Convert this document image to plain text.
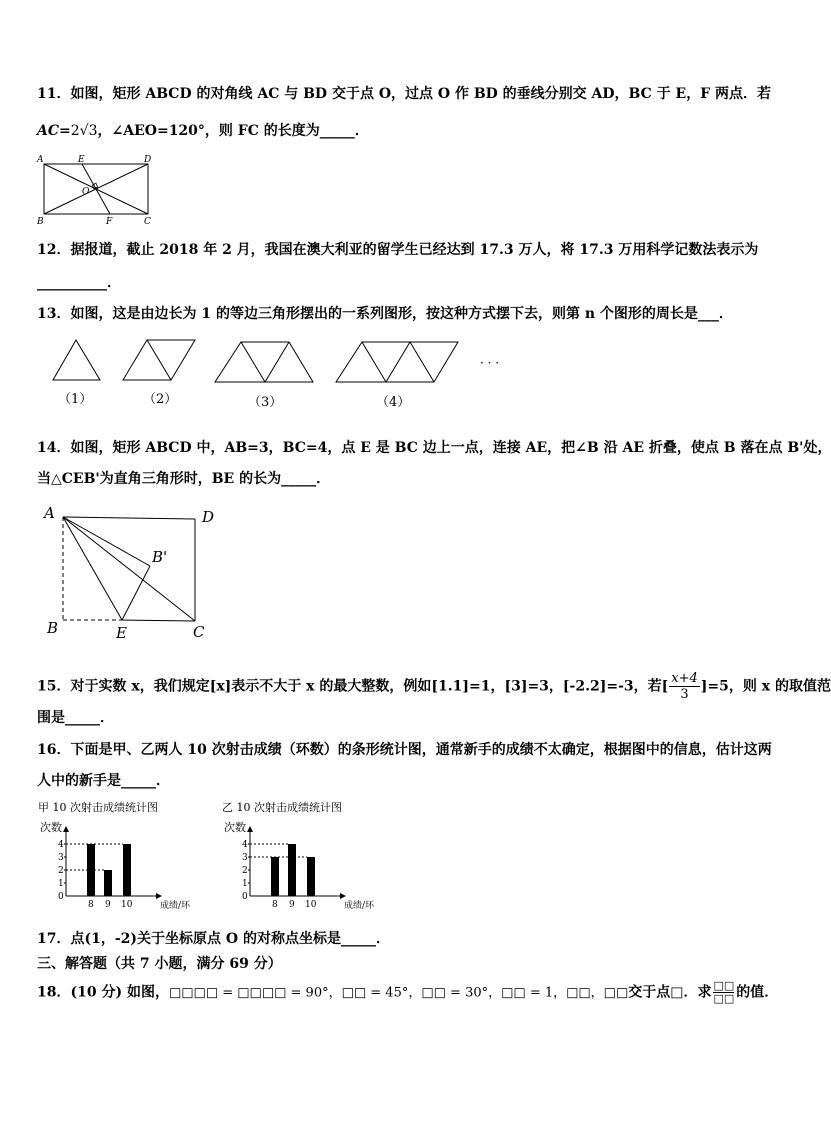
11．如图，矩形 ABCD 的对角线 AC 与 BD 交于点 O，过点 O 作 BD 的垂线分别交 AD，BC 于 E，F 两点．若
AC=2√3，∠AEO=120°，则 FC 的长度为_____．
A	E	D
O
B	F	C
12．据报道，截止 2018 年 2 月，我国在澳大利亚的留学生已经达到 17.3 万人，将 17.3 万用科学记数法表示为
__________．
13．如图，这是由边长为 1 的等边三角形摆出的一系列图形，按这种方式摆下去，则第 n 个图形的周长是___．
（1）	（2）	（3）	（4）
· · ·
14．如图，矩形 ABCD 中，AB=3，BC=4，点 E 是 BC 边上一点，连接 AE，把∠B 沿 AE 折叠，使点 B 落在点 B'处，
当△CEB'为直角三角形时，BE 的长为_____．
A	D
B'
B	E	C
15．对于实数 x，我们规定[x]表示不大于 x 的最大整数，例如[1.1]=1，[3]=3，[-2.2]=-3，若[ $\frac{x+4}{3} ]=5$，则 x 的取值范
围是_____．
16．下面是甲、乙两人 10 次射击成绩（环数）的条形统计图，通常新手的成绩不太确定，根据图中的信息，估计这两
人中的新手是_____．
甲 10 次射击成绩统计图
次数
0
1
2
3
4
8 9 10	成绩/环
乙 10 次射击成绩统计图
次数
0
1
2
3
4
8 9 10	成绩/环
17．点(1，-2)关于坐标原点 O 的对称点坐标是_____．
三、解答题（共 7 小题，满分 69 分）
18．(10 分) 如图，□□□□ = □□□□ = 90°，□□ = 45°，□□ = 30°，□□ = 1，□□，□□交于点□．求 □□
□□ 的值．
